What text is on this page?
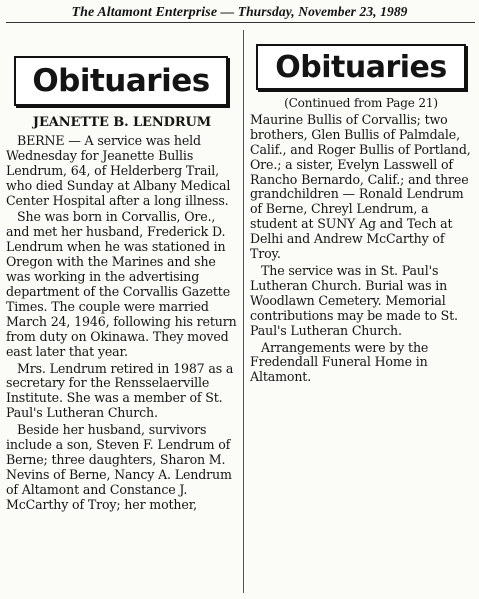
The Altamont Enterprise — Thursday, November 23, 1989
Obituaries
JEANETTE B. LENDRUM

BERNE — A service was held Wednesday for Jeanette Bullis Lendrum, 64, of Helderberg Trail, who died Sunday at Albany Medical Center Hospital after a long illness.

She was born in Corvallis, Ore., and met her husband, Frederick D. Lendrum when he was stationed in Oregon with the Marines and she was working in the advertising department of the Corvallis Gazette Times. The couple were married March 24, 1946, following his return from duty on Okinawa. They moved east later that year.

Mrs. Lendrum retired in 1987 as a secretary for the Rensselaerville Institute. She was a member of St. Paul's Lutheran Church.

Beside her husband, survivors include a son, Steven F. Lendrum of Berne; three daughters, Sharon M. Nevins of Berne, Nancy A. Lendrum of Altamont and Constance J. McCarthy of Troy; her mother,

Obituaries
(Continued from Page 21)

Maurine Bullis of Corvallis; two brothers, Glen Bullis of Palmdale, Calif., and Roger Bullis of Portland, Ore.; a sister, Evelyn Lasswell of Rancho Bernardo, Calif.; and three grandchildren — Ronald Lendrum of Berne, Chreyl Lendrum, a student at SUNY Ag and Tech at Delhi and Andrew McCarthy of Troy.

The service was in St. Paul's Lutheran Church. Burial was in Woodlawn Cemetery. Memorial contributions may be made to St. Paul's Lutheran Church.

Arrangements were by the Fredendall Funeral Home in Altamont.
